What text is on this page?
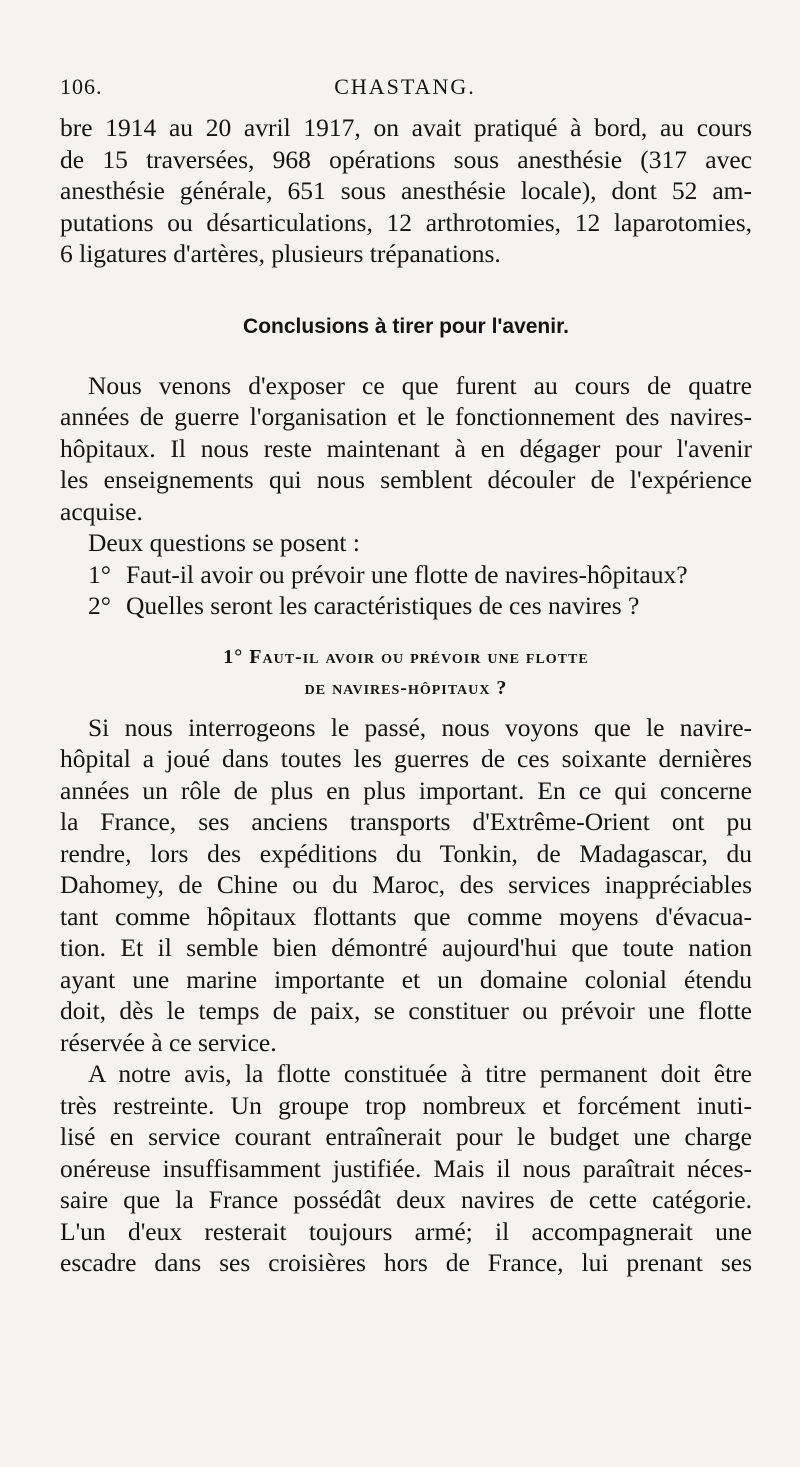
106.	CHASTANG.
bre 1914 au 20 avril 1917, on avait pratiqué à bord, au cours
de 15 traversées, 968 opérations sous anesthésie (317 avec
anesthésie générale, 651 sous anesthésie locale), dont 52 am-
putations ou désarticulations, 12 arthrotomies, 12 laparotomies,
6 ligatures d'artères, plusieurs trépanations.
Conclusions à tirer pour l'avenir.
Nous venons d'exposer ce que furent au cours de quatre
années de guerre l'organisation et le fonctionnement des navires-
hôpitaux. Il nous reste maintenant à en dégager pour l'avenir
les enseignements qui nous semblent découler de l'expérience
acquise.
Deux questions se posent :
1° Faut-il avoir ou prévoir une flotte de navires-hôpitaux?
2° Quelles seront les caractéristiques de ces navires ?
1° Faut-il avoir ou prévoir une flotte
de navires-hôpitaux ?
Si nous interrogeons le passé, nous voyons que le navire-
hôpital a joué dans toutes les guerres de ces soixante dernières
années un rôle de plus en plus important. En ce qui concerne
la France, ses anciens transports d'Extrême-Orient ont pu
rendre, lors des expéditions du Tonkin, de Madagascar, du
Dahomey, de Chine ou du Maroc, des services inappréciables
tant comme hôpitaux flottants que comme moyens d'évacua-
tion. Et il semble bien démontré aujourd'hui que toute nation
ayant une marine importante et un domaine colonial étendu
doit, dès le temps de paix, se constituer ou prévoir une flotte
réservée à ce service.
A notre avis, la flotte constituée à titre permanent doit être
très restreinte. Un groupe trop nombreux et forcément inuti-
lisé en service courant entraînerait pour le budget une charge
onéreuse insuffisamment justifiée. Mais il nous paraîtrait néces-
saire que la France possédât deux navires de cette catégorie.
L'un d'eux resterait toujours armé; il accompagnerait une
escadre dans ses croisières hors de France, lui prenant ses
